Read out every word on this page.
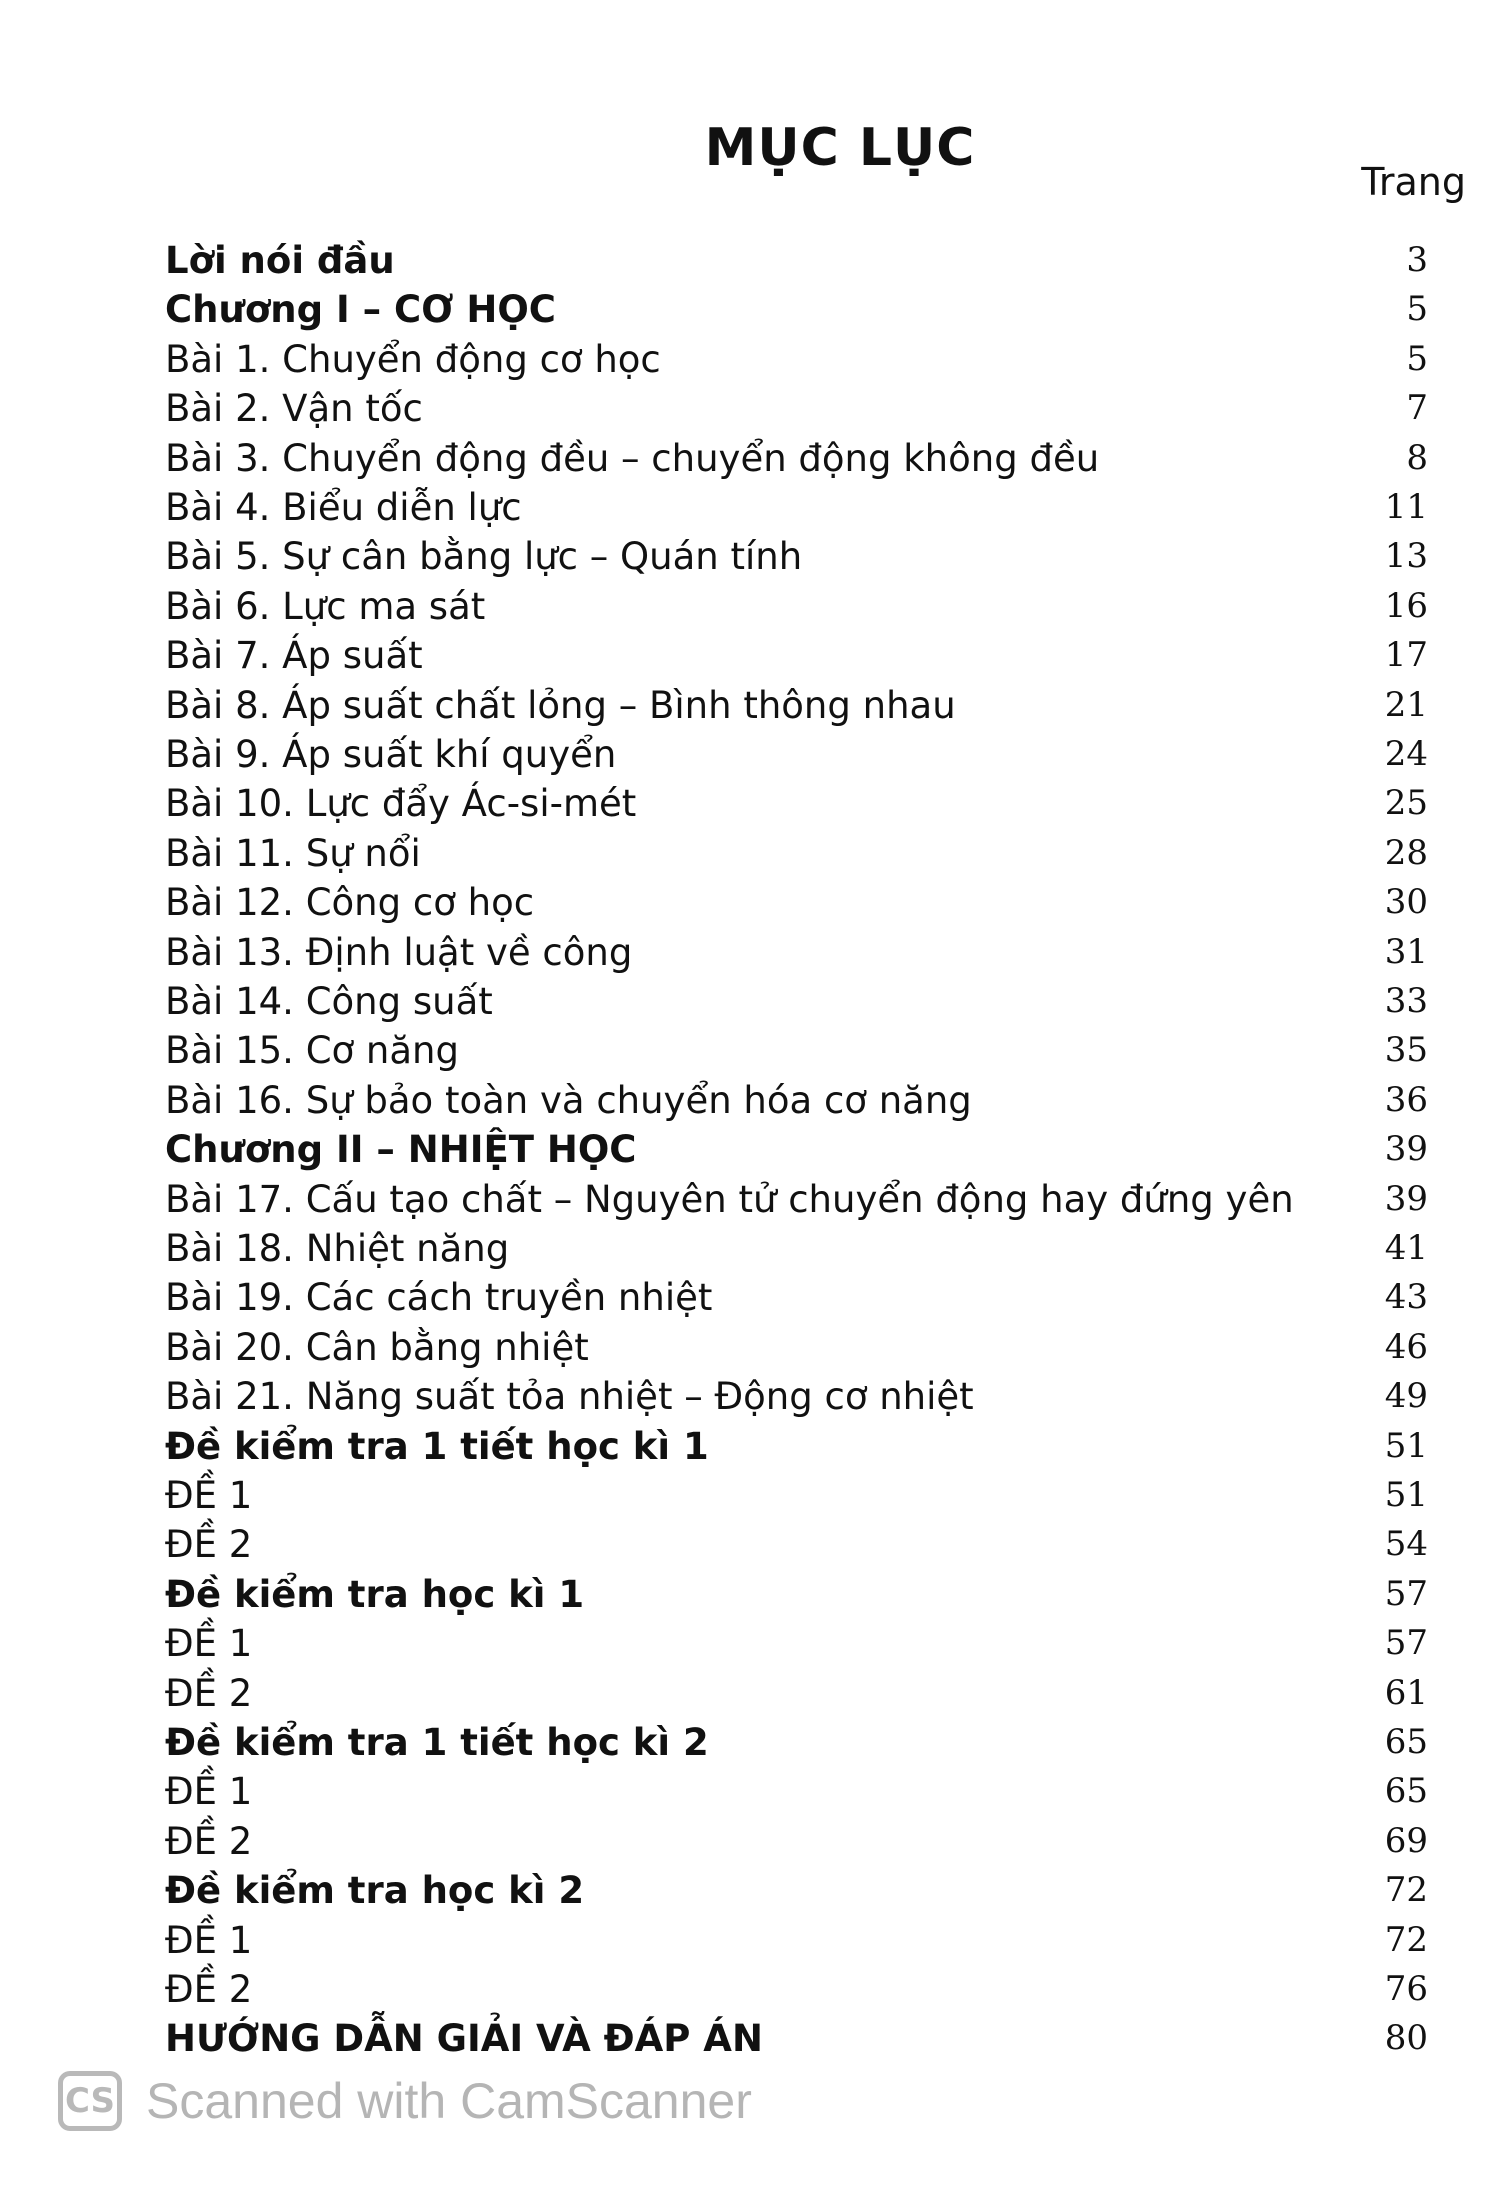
MỤC LỤC
Trang
Lời nói đầu	3
Chương I – CƠ HỌC	5
Bài 1. Chuyển động cơ học	5
Bài 2. Vận tốc	7
Bài 3. Chuyển động đều – chuyển động không đều	8
Bài 4. Biểu diễn lực	11
Bài 5. Sự cân bằng lực – Quán tính	13
Bài 6. Lực ma sát	16
Bài 7. Áp suất	17
Bài 8. Áp suất chất lỏng – Bình thông nhau	21
Bài 9. Áp suất khí quyển	24
Bài 10. Lực đẩy Ác-si-mét	25
Bài 11. Sự nổi	28
Bài 12. Công cơ học	30
Bài 13. Định luật về công	31
Bài 14. Công suất	33
Bài 15. Cơ năng	35
Bài 16. Sự bảo toàn và chuyển hóa cơ năng	36
Chương II – NHIỆT HỌC	39
Bài 17. Cấu tạo chất – Nguyên tử chuyển động hay đứng yên	39
Bài 18. Nhiệt năng	41
Bài 19. Các cách truyền nhiệt	43
Bài 20. Cân bằng nhiệt	46
Bài 21. Năng suất tỏa nhiệt – Động cơ nhiệt	49
Đề kiểm tra 1 tiết học kì 1	51
ĐỀ 1	51
ĐỀ 2	54
Đề kiểm tra học kì 1	57
ĐỀ 1	57
ĐỀ 2	61
Đề kiểm tra 1 tiết học kì 2	65
ĐỀ 1	65
ĐỀ 2	69
Đề kiểm tra học kì 2	72
ĐỀ 1	72
ĐỀ 2	76
HƯỚNG DẪN GIẢI VÀ ĐÁP ÁN	80
CS Scanned with CamScanner
